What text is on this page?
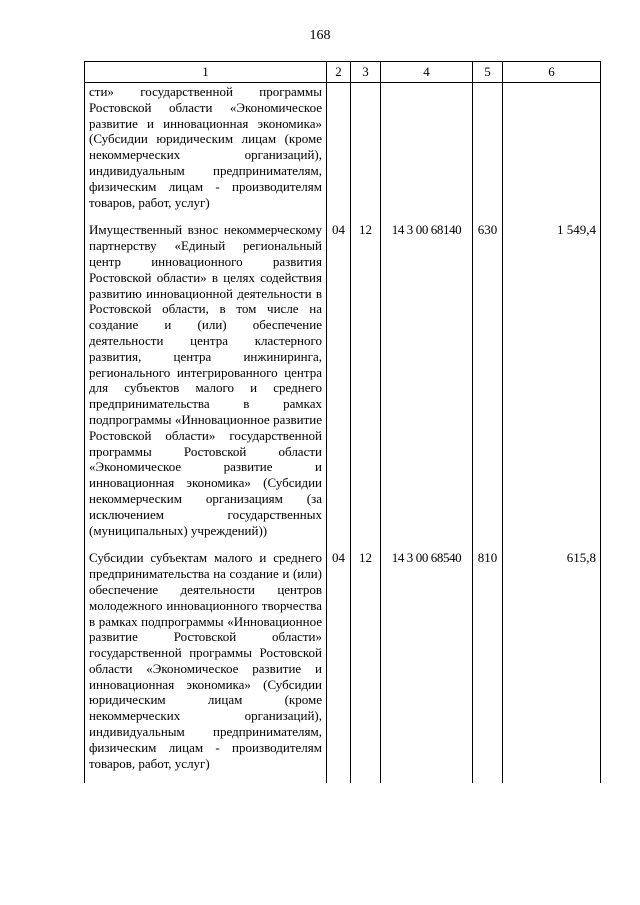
168
1	2	3	4	5	6
сти» государственной программы Ростовской области «Экономическое развитие и инновационная экономика» (Субсидии юридическим лицам (кроме некоммерческих организаций), индивидуальным предпринимателям, физическим лицам - производителям товаров, работ, услуг)					
Имущественный взнос некоммерческому партнерству «Единый региональный центр инновационного развития Ростовской области» в целях содействия развитию инновационной деятельности в Ростовской области, в том числе на создание и (или) обеспечение деятельности центра кластерного развития, центра инжиниринга, регионального интегрированного центра для субъектов малого и среднего предпринимательства в рамках подпрограммы «Инновационное развитие Ростовской области» государственной программы Ростовской области «Экономическое развитие и инновационная экономика» (Субсидии некоммерческим организациям (за исключением государственных (муниципальных) учреждений))	04	12	14 3 00 68140	630	1 549,4
Субсидии субъектам малого и среднего предпринимательства на создание и (или) обеспечение деятельности центров молодежного инновационного творчества в рамках подпрограммы «Инновационное развитие Ростовской области» государственной программы Ростовской области «Экономическое развитие и инновационная экономика» (Субсидии юридическим лицам (кроме некоммерческих организаций), индивидуальным предпринимателям, физическим лицам - производителям товаров, работ, услуг)	04	12	14 3 00 68540	810	615,8
